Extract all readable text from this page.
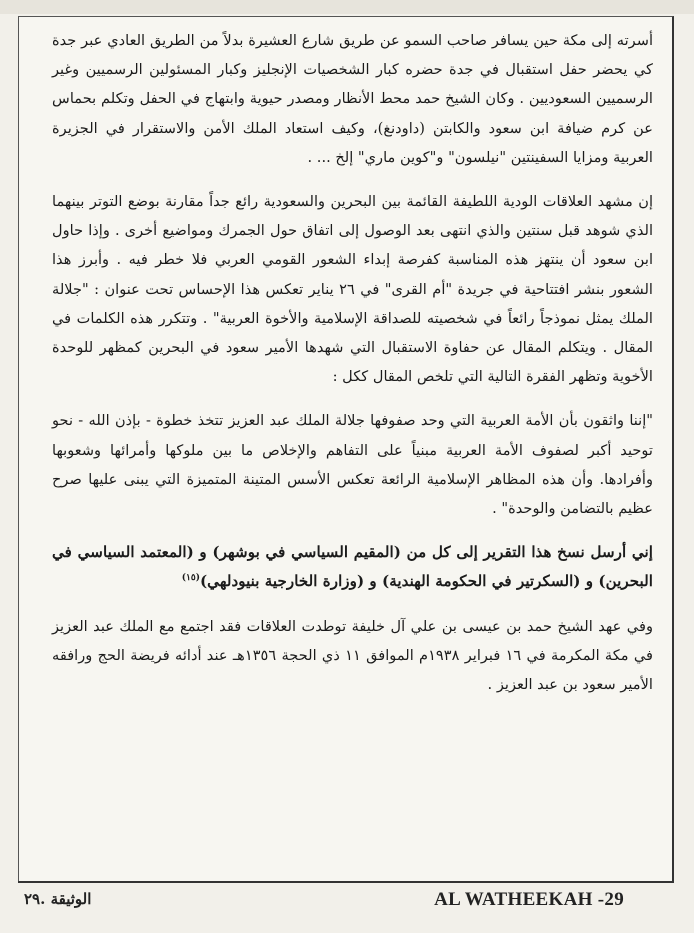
أسرته إلى مكة حين يسافر صاحب السمو عن طريق شارع العشيرة بدلاً من الطريق العادي عبر جدة كي يحضر حفل استقبال في جدة حضره كبار الشخصيات الإنجليز وكبار المسئولين الرسميين وغير الرسميين السعوديين . وكان الشيخ حمد محط الأنظار ومصدر حيوية وابتهاج في الحفل وتكلم بحماس عن كرم ضيافة ابن سعود والكابتن (داودنغ)، وكيف استعاد الملك الأمن والاستقرار في الجزيرة العربية ومزايا السفينتين "نيلسون" و"كوين ماري" إلخ ... .

إن مشهد العلاقات الودية اللطيفة القائمة بين البحرين والسعودية رائع جداً مقارنة بوضع التوتر بينهما الذي شوهد قبل سنتين والذي انتهى بعد الوصول إلى اتفاق حول الجمرك ومواضيع أخرى . وإذا حاول ابن سعود أن ينتهز هذه المناسبة كفرصة إبداء الشعور القومي العربي فلا خطر فيه . وأبرز هذا الشعور بنشر افتتاحية في جريدة "أم القرى" في ٢٦ يناير تعكس هذا الإحساس تحت عنوان : "جلالة الملك يمثل نموذجاً رائعاً في شخصيته للصداقة الإسلامية والأخوة العربية" . وتتكرر هذه الكلمات في المقال . ويتكلم المقال عن حفاوة الاستقبال التي شهدها الأمير سعود في البحرين كمظهر للوحدة الأخوية وتظهر الفقرة التالية التي تلخص المقال ككل :

"إننا واثقون بأن الأمة العربية التي وحد صفوفها جلالة الملك عبد العزيز تتخذ خطوة - بإذن الله - نحو توحيد أكبر لصفوف الأمة العربية مبنياً على التفاهم والإخلاص ما بين ملوكها وأمرائها وشعوبها وأفرادها. وأن هذه المظاهر الإسلامية الرائعة تعكس الأسس المتينة المتميزة التي يبنى عليها صرح عظيم بالتضامن والوحدة" .

إني أرسل نسخ هذا التقرير إلى كل من (المقيم السياسي في بوشهر) و (المعتمد السياسي في البحرين) و (السكرتير في الحكومة الهندية) و (وزارة الخارجية بنيودلهي)$^{(١٥)}$

وفي عهد الشيخ حمد بن عيسى بن علي آل خليفة توطدت العلاقات فقد اجتمع مع الملك عبد العزيز في مكة المكرمة في ١٦ فبراير ١٩٣٨م الموافق ١١ ذي الحجة ١٣٥٦هـ عند أدائه فريضة الحج ورافقه الأمير سعود بن عبد العزيز .

الوثيقة .٢٩	AL WATHEEKAH -29
